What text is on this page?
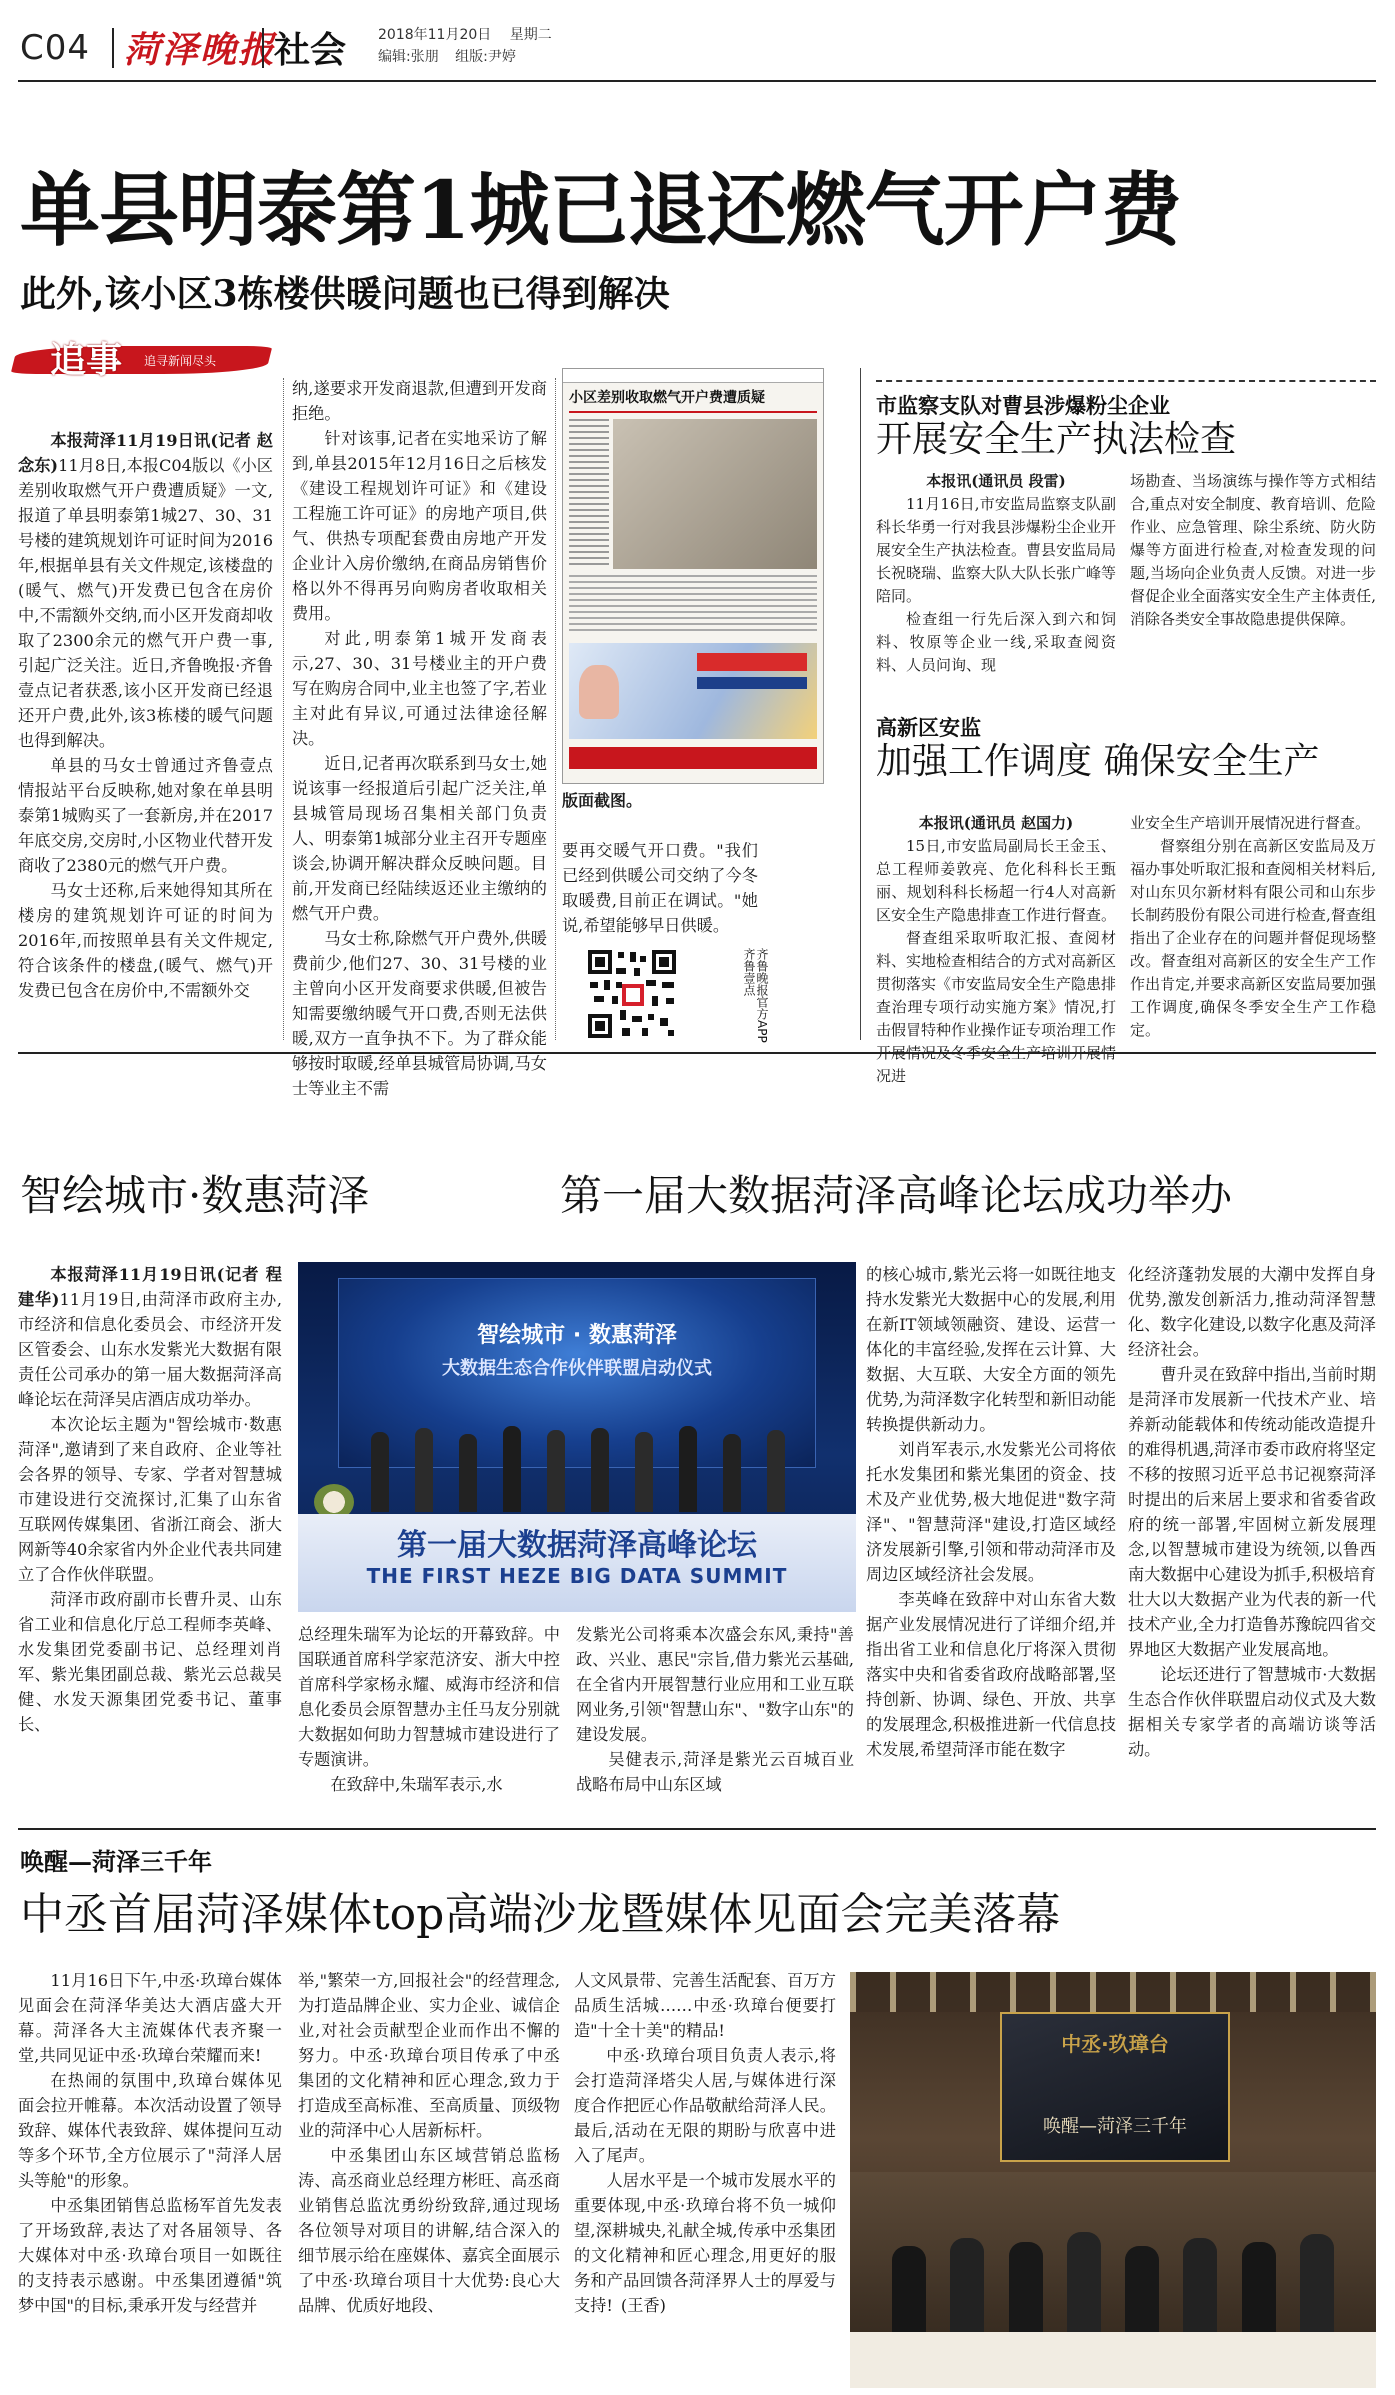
C04 菏泽晚报
社会 2018年11月20日 星期二
编辑:张朋 组版:尹婷
单县明泰第1城已退还燃气开户费
此外,该小区3栋楼供暖问题也已得到解决
追事 追寻新闻尽头

本报菏泽11月19日讯(记者 赵念东)11月8日,本报C04版以《小区差别收取燃气开户费遭质疑》一文,报道了单县明泰第1城27、30、31号楼的建筑规划许可证时间为2016年,根据单县有关文件规定,该楼盘的(暖气、燃气)开发费已包含在房价中,不需额外交纳,而小区开发商却收取了2300余元的燃气开户费一事,引起广泛关注。近日,齐鲁晚报·齐鲁壹点记者获悉,该小区开发商已经退还开户费,此外,该3栋楼的暖气问题也得到解决。

单县的马女士曾通过齐鲁壹点情报站平台反映称,她对象在单县明泰第1城购买了一套新房,并在2017年底交房,交房时,小区物业代替开发商收了2380元的燃气开户费。

马女士还称,后来她得知其所在楼房的建筑规划许可证的时间为2016年,而按照单县有关文件规定,符合该条件的楼盘,(暖气、燃气)开发费已包含在房价中,不需额外交

纳,遂要求开发商退款,但遭到开发商拒绝。

针对该事,记者在实地采访了解到,单县2015年12月16日之后核发《建设工程规划许可证》和《建设工程施工许可证》的房地产项目,供气、供热专项配套费由房地产开发企业计入房价缴纳,在商品房销售价格以外不得再另向购房者收取相关费用。

对此,明泰第1城开发商表示,27、30、31号楼业主的开户费写在购房合同中,业主也签了字,若业主对此有异议,可通过法律途径解决。

近日,记者再次联系到马女士,她说该事一经报道后引起广泛关注,单县城管局现场召集相关部门负责人、明泰第1城部分业主召开专题座谈会,协调开解决群众反映问题。目前,开发商已经陆续返还业主缴纳的燃气开户费。

马女士称,除燃气开户费外,供暖费前少,他们27、30、31号楼的业主曾向小区开发商要求供暖,但被告知需要缴纳暖气开口费,否则无法供暖,双方一直争执不下。为了群众能够按时取暖,经单县城管局协调,马女士等业主不需

小区差别收取燃气开户费遭质疑
版面截图。

要再交暖气开口费。"我们已经到供暖公司交纳了今冬取暖费,目前正在调试。"她说,希望能够早日供暖。

齐鲁晚报官方APP 齐鲁壹点
市监察支队对曹县涉爆粉尘企业
开展安全生产执法检查

本报讯(通讯员 段雷)

11月16日,市安监局监察支队副科长华勇一行对我县涉爆粉尘企业开展安全生产执法检查。曹县安监局局长祝晓瑞、监察大队大队长张广峰等陪同。

检查组一行先后深入到六和饲料、牧原等企业一线,采取查阅资料、人员问询、现

场勘查、当场演练与操作等方式相结合,重点对安全制度、教育培训、危险作业、应急管理、除尘系统、防火防爆等方面进行检查,对检查发现的问题,当场向企业负责人反馈。对进一步督促企业全面落实安全生产主体责任,消除各类安全事故隐患提供保障。

高新区安监
加强工作调度 确保安全生产

本报讯(通讯员 赵国力)

15日,市安监局副局长王金玉、总工程师姜敦亮、危化科科长王甄丽、规划科科长杨超一行4人对高新区安全生产隐患排查工作进行督查。

督查组采取听取汇报、查阅材料、实地检查相结合的方式对高新区贯彻落实《市安监局安全生产隐患排查治理专项行动实施方案》情况,打击假冒特种作业操作证专项治理工作开展情况及冬季安全生产培训开展情况进

业安全生产培训开展情况进行督查。

督察组分别在高新区安监局及万福办事处听取汇报和查阅相关材料后,对山东贝尔新材料有限公司和山东步长制药股份有限公司进行检查,督查组指出了企业存在的问题并督促现场整改。督查组对高新区的安全生产工作作出肯定,并要求高新区安监局要加强工作调度,确保冬季安全生产工作稳定。

智绘城市·数惠菏泽	第一届大数据菏泽高峰论坛成功举办

本报菏泽11月19日讯(记者 程建华)11月19日,由菏泽市政府主办,市经济和信息化委员会、市经济开发区管委会、山东水发紫光大数据有限责任公司承办的第一届大数据菏泽高峰论坛在菏泽吴店酒店成功举办。

本次论坛主题为"智绘城市·数惠菏泽",邀请到了来自政府、企业等社会各界的领导、专家、学者对智慧城市建设进行交流探讨,汇集了山东省互联网传媒集团、省浙江商会、浙大网新等40余家省内外企业代表共同建立了合作伙伴联盟。

菏泽市政府副市长曹升灵、山东省工业和信息化厅总工程师李英峰、水发集团党委副书记、总经理刘肖军、紫光集团副总裁、紫光云总裁吴健、水发天源集团党委书记、董事长、

智绘城市 · 数惠菏泽
大数据生态合作伙伴联盟启动仪式
第一届大数据菏泽高峰论坛
THE FIRST HEZE BIG DATA SUMMIT

总经理朱瑞军为论坛的开幕致辞。中国联通首席科学家范济安、浙大中控首席科学家杨永耀、威海市经济和信息化委员会原智慧办主任马友分别就大数据如何助力智慧城市建设进行了专题演讲。

在致辞中,朱瑞军表示,水

发紫光公司将乘本次盛会东风,秉持"善政、兴业、惠民"宗旨,借力紫光云基础,在全省内开展智慧行业应用和工业互联网业务,引领"智慧山东"、"数字山东"的建设发展。

吴健表示,菏泽是紫光云百城百业战略布局中山东区域

的核心城市,紫光云将一如既往地支持水发紫光大数据中心的发展,利用在新IT领域领融资、建设、运营一体化的丰富经验,发挥在云计算、大数据、大互联、大安全方面的领先优势,为菏泽数字化转型和新旧动能转换提供新动力。

刘肖军表示,水发紫光公司将依托水发集团和紫光集团的资金、技术及产业优势,极大地促进"数字菏泽"、"智慧菏泽"建设,打造区域经济发展新引擎,引领和带动菏泽市及周边区域经济社会发展。

李英峰在致辞中对山东省大数据产业发展情况进行了详细介绍,并指出省工业和信息化厅将深入贯彻落实中央和省委省政府战略部署,坚持创新、协调、绿色、开放、共享的发展理念,积极推进新一代信息技术发展,希望菏泽市能在数字

化经济蓬勃发展的大潮中发挥自身优势,激发创新活力,推动菏泽智慧化、数字化建设,以数字化惠及菏泽经济社会。

曹升灵在致辞中指出,当前时期是菏泽市发展新一代技术产业、培养新动能载体和传统动能改造提升的难得机遇,菏泽市委市政府将坚定不移的按照习近平总书记视察菏泽时提出的后来居上要求和省委省政府的统一部署,牢固树立新发展理念,以智慧城市建设为统领,以鲁西南大数据中心建设为抓手,积极培育壮大以大数据产业为代表的新一代技术产业,全力打造鲁苏豫皖四省交界地区大数据产业发展高地。

论坛还进行了智慧城市·大数据生态合作伙伴联盟启动仪式及大数据相关专家学者的高端访谈等活动。

唤醒—菏泽三千年
中丞首届菏泽媒体top高端沙龙暨媒体见面会完美落幕

11月16日下午,中丞·玖璋台媒体见面会在菏泽华美达大酒店盛大开幕。菏泽各大主流媒体代表齐聚一堂,共同见证中丞·玖璋台荣耀而来!

在热闹的氛围中,玖璋台媒体见面会拉开帷幕。本次活动设置了领导致辞、媒体代表致辞、媒体提问互动等多个环节,全方位展示了"菏泽人居头等舱"的形象。

中丞集团销售总监杨军首先发表了开场致辞,表达了对各届领导、各大媒体对中丞·玖璋台项目一如既往的支持表示感谢。中丞集团遵循"筑梦中国"的目标,秉承开发与经营并

举,"繁荣一方,回报社会"的经营理念,为打造品牌企业、实力企业、诚信企业,对社会贡献型企业而作出不懈的努力。中丞·玖璋台项目传承了中丞集团的文化精神和匠心理念,致力于打造成至高标准、至高质量、顶级物业的菏泽中心人居新标杆。

中丞集团山东区域营销总监杨涛、高丞商业总经理方彬旺、高丞商业销售总监沈勇纷纷致辞,通过现场各位领导对项目的讲解,结合深入的细节展示给在座媒体、嘉宾全面展示了中丞·玖璋台项目十大优势:良心大品牌、优质好地段、

人文风景带、完善生活配套、百万方品质生活城……中丞·玖璋台便要打造"十全十美"的精品!

中丞·玖璋台项目负责人表示,将会打造菏泽塔尖人居,与媒体进行深度合作把匠心作品敬献给菏泽人民。最后,活动在无限的期盼与欣喜中进入了尾声。

人居水平是一个城市发展水平的重要体现,中丞·玖璋台将不负一城仰望,深耕城央,礼献全城,传承中丞集团的文化精神和匠心理念,用更好的服务和产品回馈各菏泽界人士的厚爱与支持! (王香)

中丞·玖璋台
唤醒—菏泽三千年
